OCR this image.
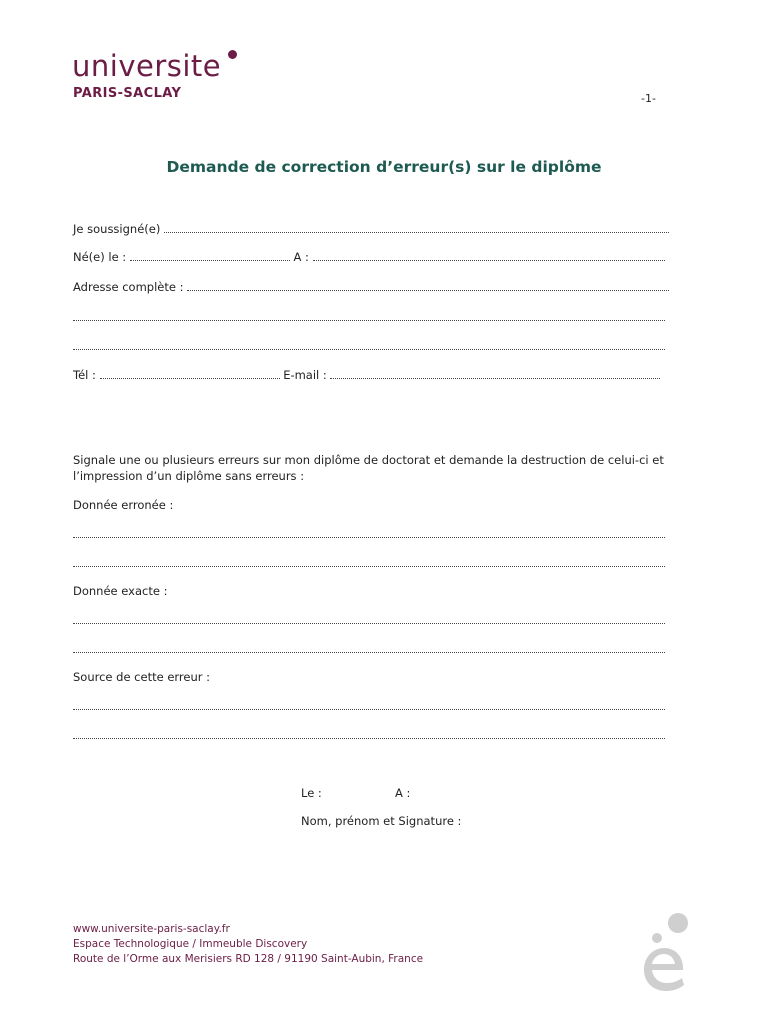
universite
PARIS-SACLAY	-1-
Demande de correction d’erreur(s) sur le diplôme
Je soussigné(e)
Né(e) le :	A :
Adresse complète :
Tél :	E-mail :
Signale une ou plusieurs erreurs sur mon diplôme de doctorat et demande la destruction de celui-ci et l’impression d’un diplôme sans erreurs :
Donnée erronée :
Donnée exacte :
Source de cette erreur :
Le :	A :
Nom, prénom et Signature :
www.universite-paris-saclay.fr
Espace Technologique / Immeuble Discovery
Route de l’Orme aux Merisiers RD 128 / 91190 Saint-Aubin, France
